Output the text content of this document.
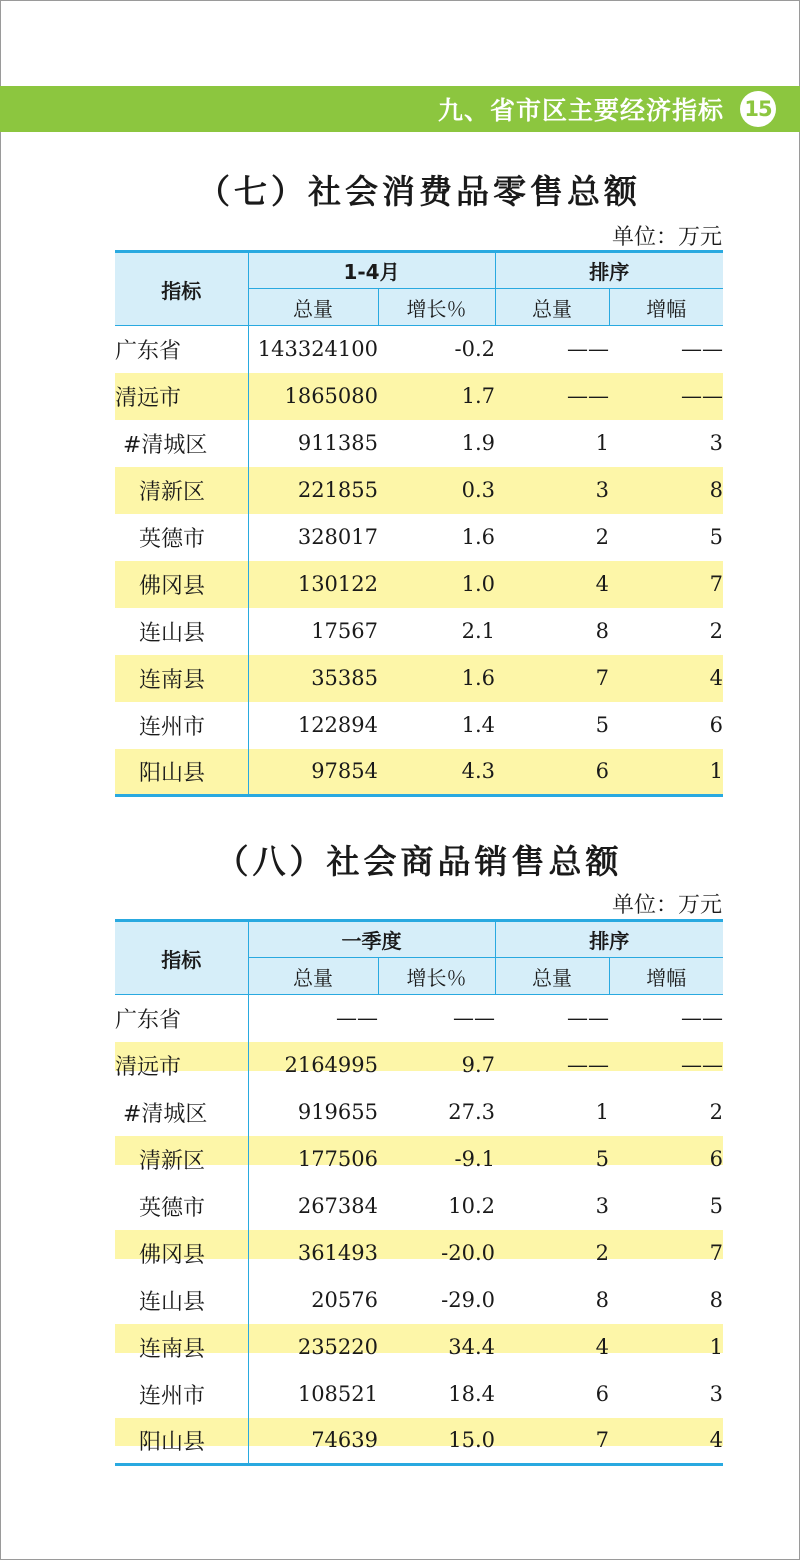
九、省市区主要经济指标 15
（七）社会消费品零售总额
单位：万元
指标	1-4月		排序	
	总量	增长％	总量	增幅
广东省	143324100	-0.2	——	——
清远市	1865080	1.7	——	——
#清城区	911385	1.9	1	3
清新区	221855	0.3	3	8
英德市	328017	1.6	2	5
佛冈县	130122	1.0	4	7
连山县	17567	2.1	8	2
连南县	35385	1.6	7	4
连州市	122894	1.4	5	6
阳山县	97854	4.3	6	1
（八）社会商品销售总额
单位：万元
指标	一季度		排序	
	总量	增长％	总量	增幅
广东省	——	——	——	——
清远市	2164995	9.7	——	——
#清城区	919655	27.3	1	2
清新区	177506	-9.1	5	6
英德市	267384	10.2	3	5
佛冈县	361493	-20.0	2	7
连山县	20576	-29.0	8	8
连南县	235220	34.4	4	1
连州市	108521	18.4	6	3
阳山县	74639	15.0	7	4
